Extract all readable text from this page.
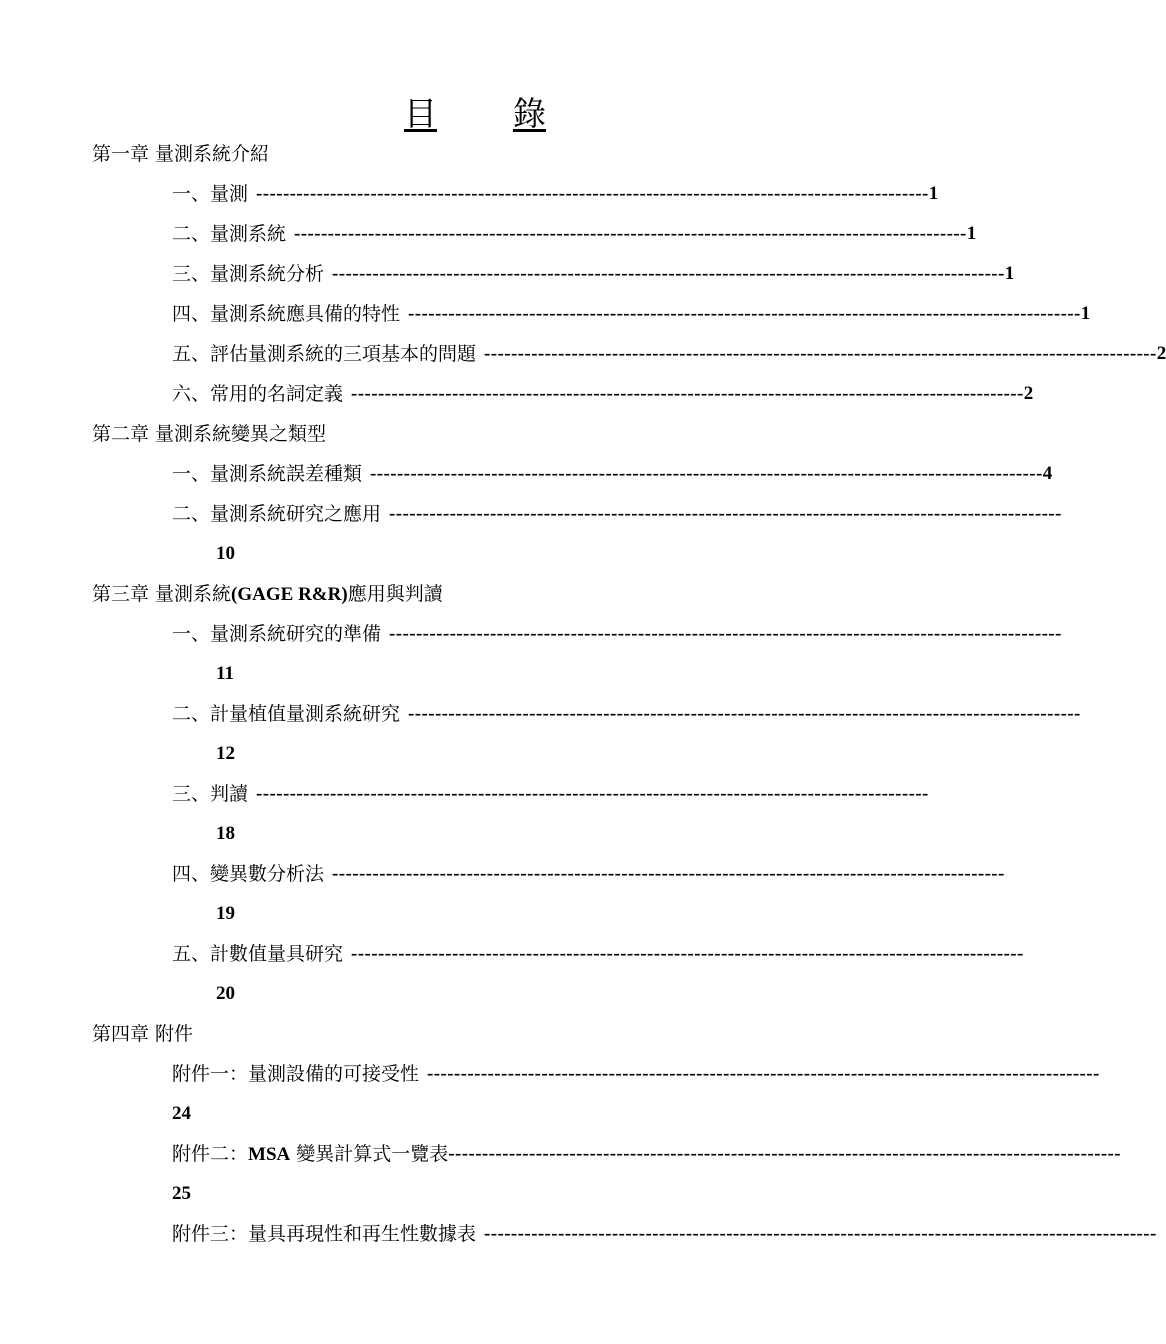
目 錄
第一章 量測系統介紹
一、 量測 ---------------------------------------------------------------------------------------------------- 1
二、 量測系統 ---------------------------------------------------------------------------------------------------- 1
三、 量測系統分析 ---------------------------------------------------------------------------------------------------- 1
四、 量測系統應具備的特性 ---------------------------------------------------------------------------------------------------- 1
五、 評估量測系統的三項基本的問題 ---------------------------------------------------------------------------------------------------- 2
六、 常用的名詞定義 ---------------------------------------------------------------------------------------------------- 2
第二章 量測系統變異之類型
一、 量測系統誤差種類 ---------------------------------------------------------------------------------------------------- 4
二、 量測系統研究之應用 ----------------------------------------------------------------------------------------------------
10
第三章 量測系統(GAGE R&R)應用與判讀
一、 量測系統研究的準備 ----------------------------------------------------------------------------------------------------
11
二、 計量植值量測系統研究 ----------------------------------------------------------------------------------------------------
12
三、 判讀 ----------------------------------------------------------------------------------------------------
18
四、 變異數分析法 ----------------------------------------------------------------------------------------------------
19
五、 計數值量具研究 ----------------------------------------------------------------------------------------------------
20
第四章 附件
附件一：量測設備的可接受性 ----------------------------------------------------------------------------------------------------
24
附件二：MSA 變異計算式一覽表 ----------------------------------------------------------------------------------------------------
25
附件三：量具再現性和再生性數據表 ----------------------------------------------------------------------------------------------------
